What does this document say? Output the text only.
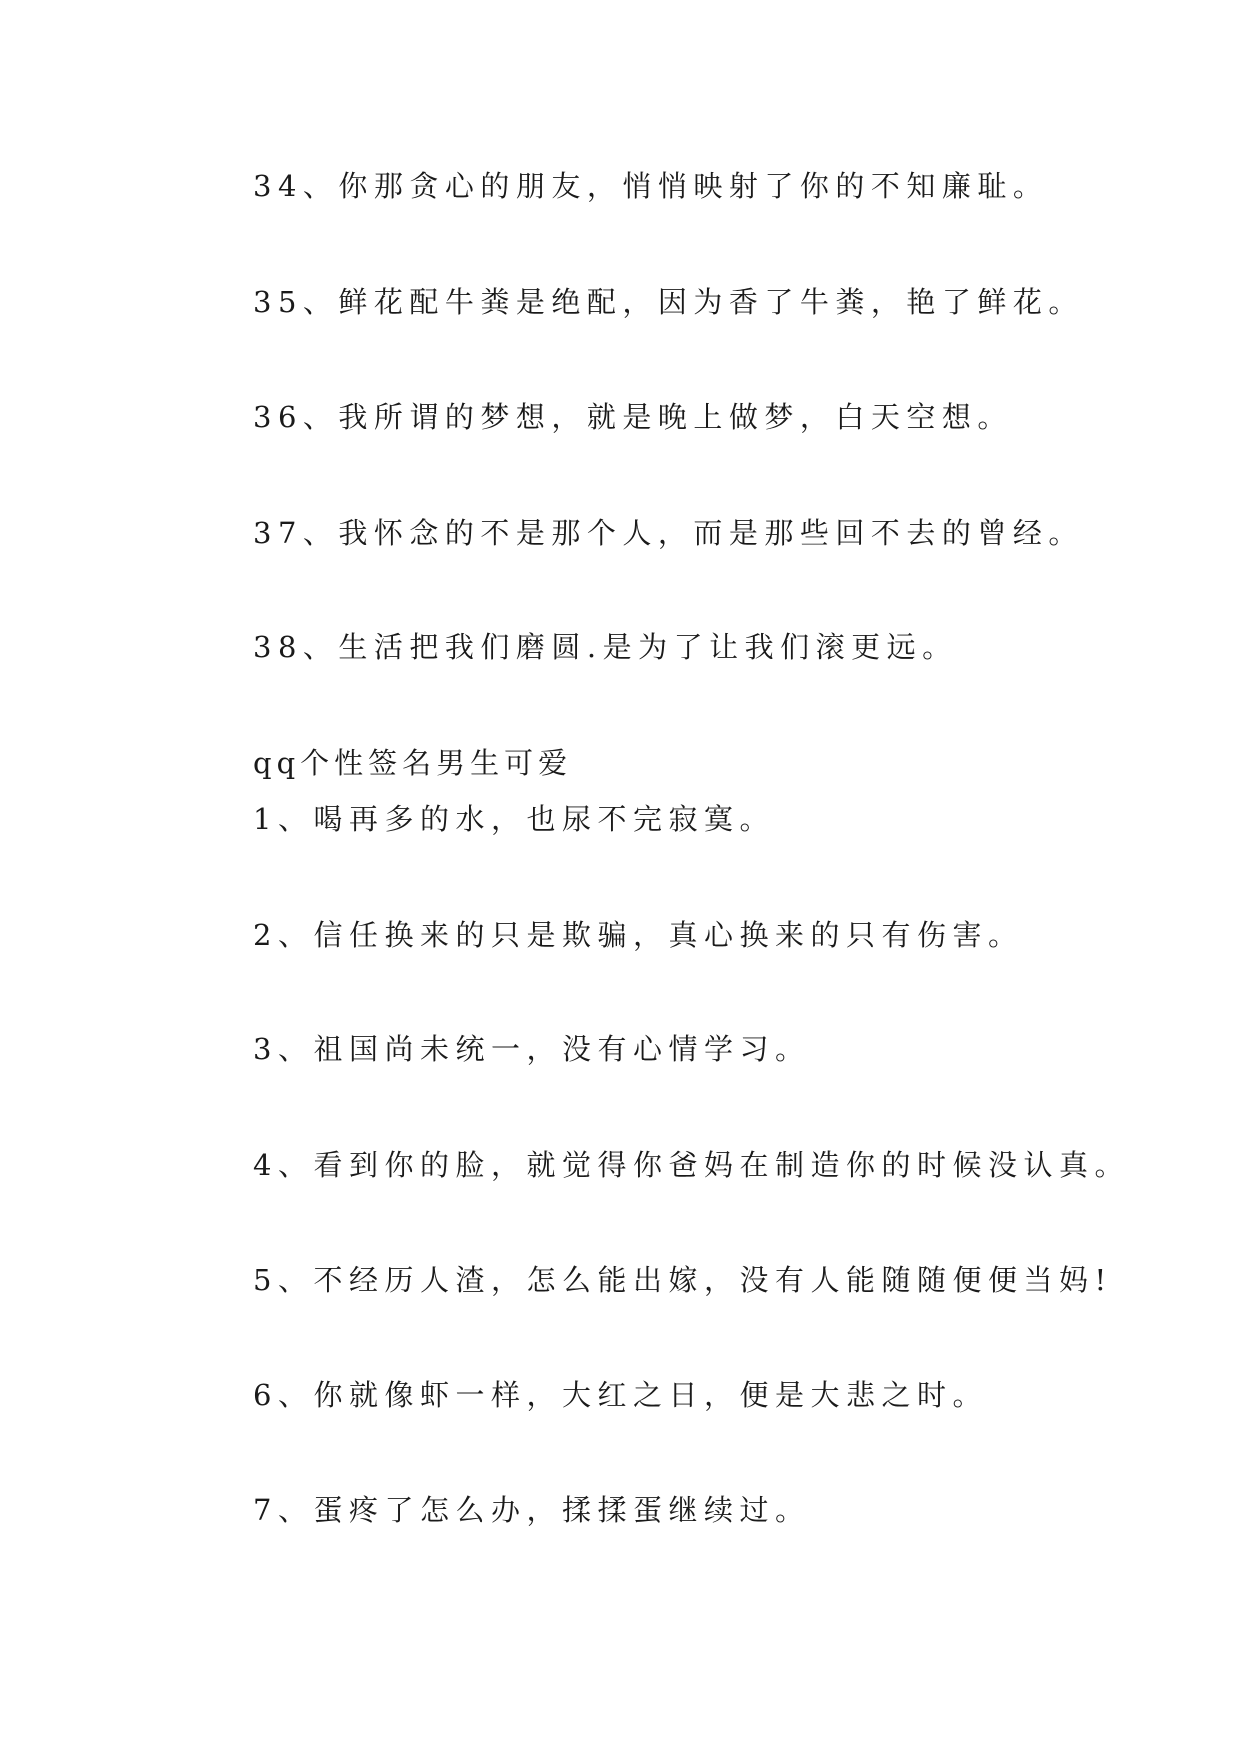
34、你那贪心的朋友，悄悄映射了你的不知廉耻。

35、鲜花配牛粪是绝配，因为香了牛粪，艳了鲜花。

36、我所谓的梦想，就是晚上做梦，白天空想。

37、我怀念的不是那个人，而是那些回不去的曾经。

38、生活把我们磨圆.是为了让我们滚更远。

qq个性签名男生可爱

1、喝再多的水，也尿不完寂寞。

2、信任换来的只是欺骗，真心换来的只有伤害。

3、祖国尚未统一，没有心情学习。

4、看到你的脸，就觉得你爸妈在制造你的时候没认真。

5、不经历人渣，怎么能出嫁，没有人能随随便便当妈!

6、你就像虾一样，大红之日，便是大悲之时。

7、蛋疼了怎么办，揉揉蛋继续过。
